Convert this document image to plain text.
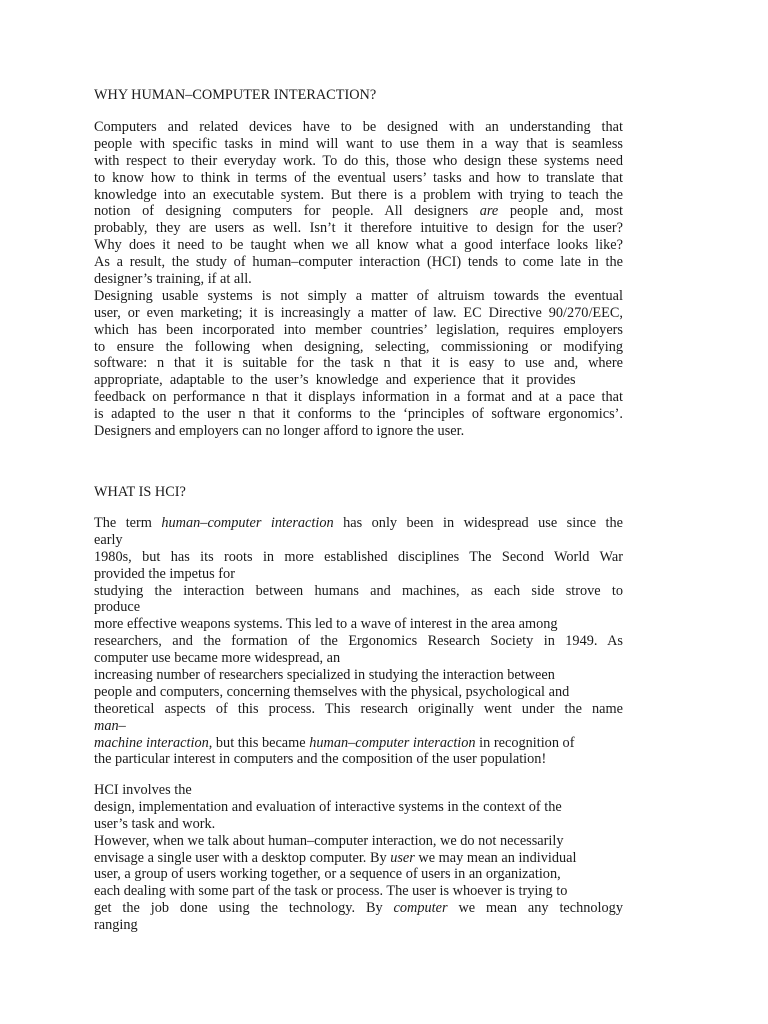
WHY HUMAN–COMPUTER INTERACTION?
Computers and related devices have to be designed with an understanding that
people with specific tasks in mind will want to use them in a way that is seamless
with respect to their everyday work. To do this, those who design these systems need
to know how to think in terms of the eventual users’ tasks and how to translate that
knowledge into an executable system. But there is a problem with trying to teach the
notion of designing computers for people. All designers are people and, most
probably, they are users as well. Isn’t it therefore intuitive to design for the user?
Why does it need to be taught when we all know what a good interface looks like?
As a result, the study of human–computer interaction (HCI) tends to come late in the
designer’s training, if at all.
Designing usable systems is not simply a matter of altruism towards the eventual
user, or even marketing; it is increasingly a matter of law. EC Directive 90/270/EEC,
which has been incorporated into member countries’ legislation, requires employers
to ensure the following when designing, selecting, commissioning or modifying
software: n that it is suitable for the task n that it is easy to use and, where
appropriate, adaptable to the user’s knowledge and experience that it provides
feedback on performance n that it displays information in a format and at a pace that
is adapted to the user n that it conforms to the ‘principles of software ergonomics’.
Designers and employers can no longer afford to ignore the user.
WHAT IS HCI?
The term human–computer interaction has only been in widespread use since the
early
1980s, but has its roots in more established disciplines The Second World War
provided the impetus for
studying the interaction between humans and machines, as each side strove to
produce
more effective weapons systems. This led to a wave of interest in the area among
researchers, and the formation of the Ergonomics Research Society in 1949. As
computer use became more widespread, an
increasing number of researchers specialized in studying the interaction between
people and computers, concerning themselves with the physical, psychological and
theoretical aspects of this process. This research originally went under the name
man–
machine interaction, but this became human–computer interaction in recognition of
the particular interest in computers and the composition of the user population!
HCI involves the
design, implementation and evaluation of interactive systems in the context of the
user’s task and work.
However, when we talk about human–computer interaction, we do not necessarily
envisage a single user with a desktop computer. By user we may mean an individual
user, a group of users working together, or a sequence of users in an organization,
each dealing with some part of the task or process. The user is whoever is trying to
get the job done using the technology. By computer we mean any technology
ranging
